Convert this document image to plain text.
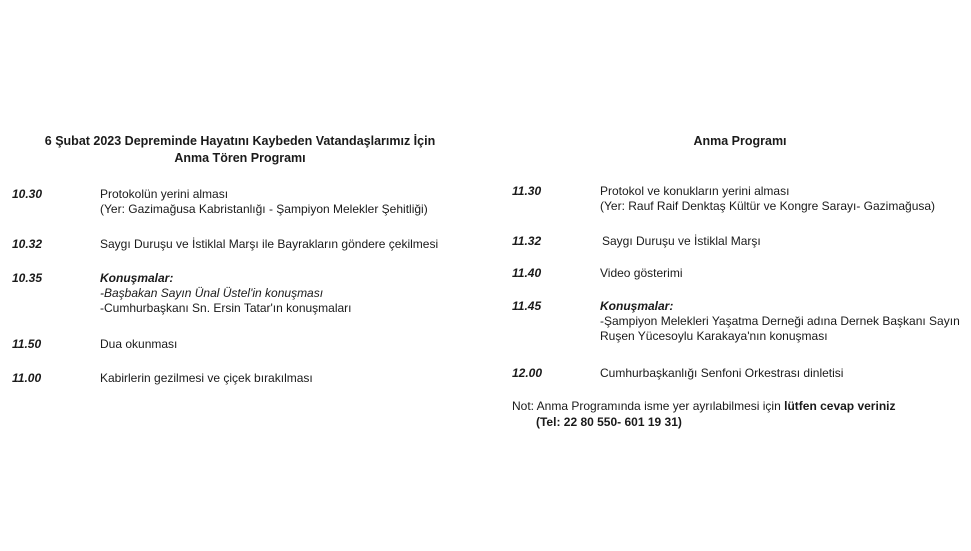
6 Şubat 2023 Depreminde Hayatını Kaybeden Vatandaşlarımız İçin
Anma Tören Programı
10.30	Protokolün yerini alması
(Yer: Gazimağusa Kabristanlığı - Şampiyon Melekler Şehitliği)
10.32	Saygı Duruşu ve İstiklal Marşı ile Bayrakların göndere çekilmesi
10.35	Konuşmalar:
-Başbakan Sayın Ünal Üstel'in konuşması
-Cumhurbaşkanı Sn. Ersin Tatar'ın konuşmaları
11.50	Dua okunması
11.00	Kabirlerin gezilmesi ve çiçek bırakılması
Anma Programı
11.30	Protokol ve konukların yerini alması
(Yer: Rauf Raif Denktaş Kültür ve Kongre Sarayı- Gazimağusa)
11.32	Saygı Duruşu ve İstiklal Marşı
11.40	Video gösterimi
11.45	Konuşmalar:
-Şampiyon Melekleri Yaşatma Derneği adına Dernek Başkanı Sayın
Ruşen Yücesoylu Karakaya'nın konuşması
12.00	Cumhurbaşkanlığı Senfoni Orkestrası dinletisi
Not: Anma Programında isme yer ayrılabilmesi için lütfen cevap veriniz
(Tel: 22 80 550- 601 19 31)
